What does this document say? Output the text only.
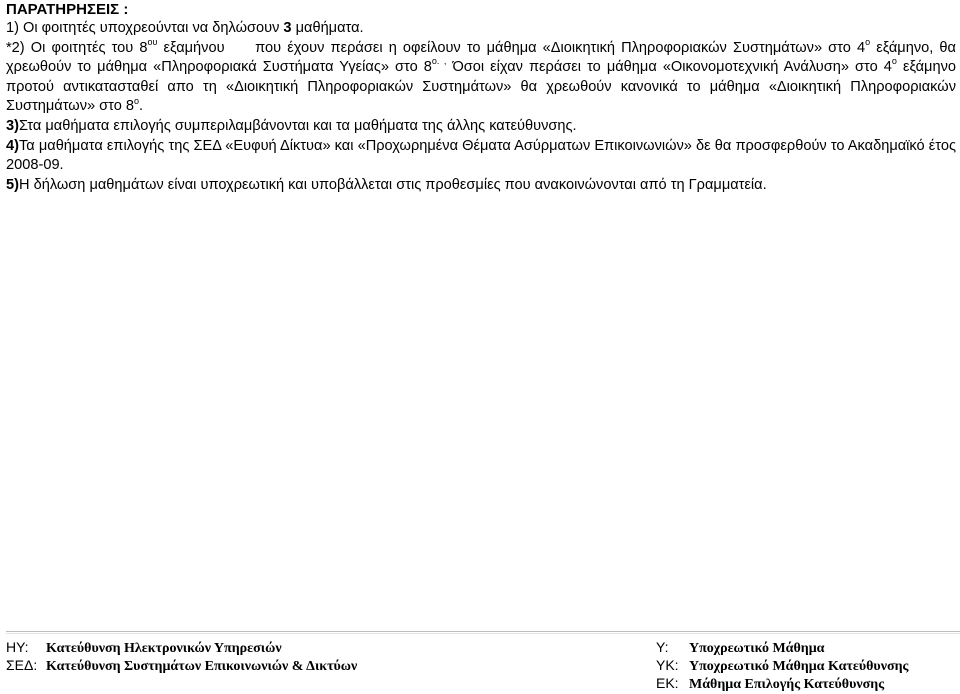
ΠΑΡΑΤΗΡΗΣΕΙΣ :

1) Οι φοιτητές υποχρεούνται να δηλώσουν 3 μαθήματα.

*2) Οι φοιτητές του $8^{o\upsilon}$ εξαμήνου     που έχουν περάσει η οφείλουν το μάθημα «Διοικητική Πληροφοριακών Συστημάτων» στο $4^o$ εξάμηνο, θα χρεωθούν το μάθημα «Πληροφοριακά Συστήματα Υγείας» στο $8^{o. ,}$ Όσοι είχαν περάσει το μάθημα «Οικονομοτεχνική Ανάλυση» στο $4^o$ εξάμηνο προτού αντικατασταθεί απο τη «Διοικητική Πληροφοριακών Συστημάτων» θα χρεωθούν κανονικά το μάθημα «Διοικητική Πληροφοριακών Συστημάτων» στο $8^o$.

3)Στα μαθήματα επιλογής συμπεριλαμβάνονται και τα μαθήματα της άλλης κατεύθυνσης.

4)Τα μαθήματα επιλογής της ΣΕΔ «Ευφυή Δίκτυα» και «Προχωρημένα Θέματα Ασύρματων Επικοινωνιών» δε θα προσφερθούν το Ακαδημαϊκό έτος 2008-09.

5)Η δήλωση μαθημάτων είναι υποχρεωτική και υποβάλλεται στις προθεσμίες που ανακοινώνονται από τη Γραμματεία.

ΗΥ: Κατεύθυνση Ηλεκτρονικών Υπηρεσιών
ΣΕΔ: Κατεύθυνση Συστημάτων Επικοινωνιών & Δικτύων
Υ: Υποχρεωτικό Μάθημα
ΥΚ: Υποχρεωτικό Μάθημα Κατεύθυνσης
ΕΚ: Μάθημα Επιλογής Κατεύθυνσης
